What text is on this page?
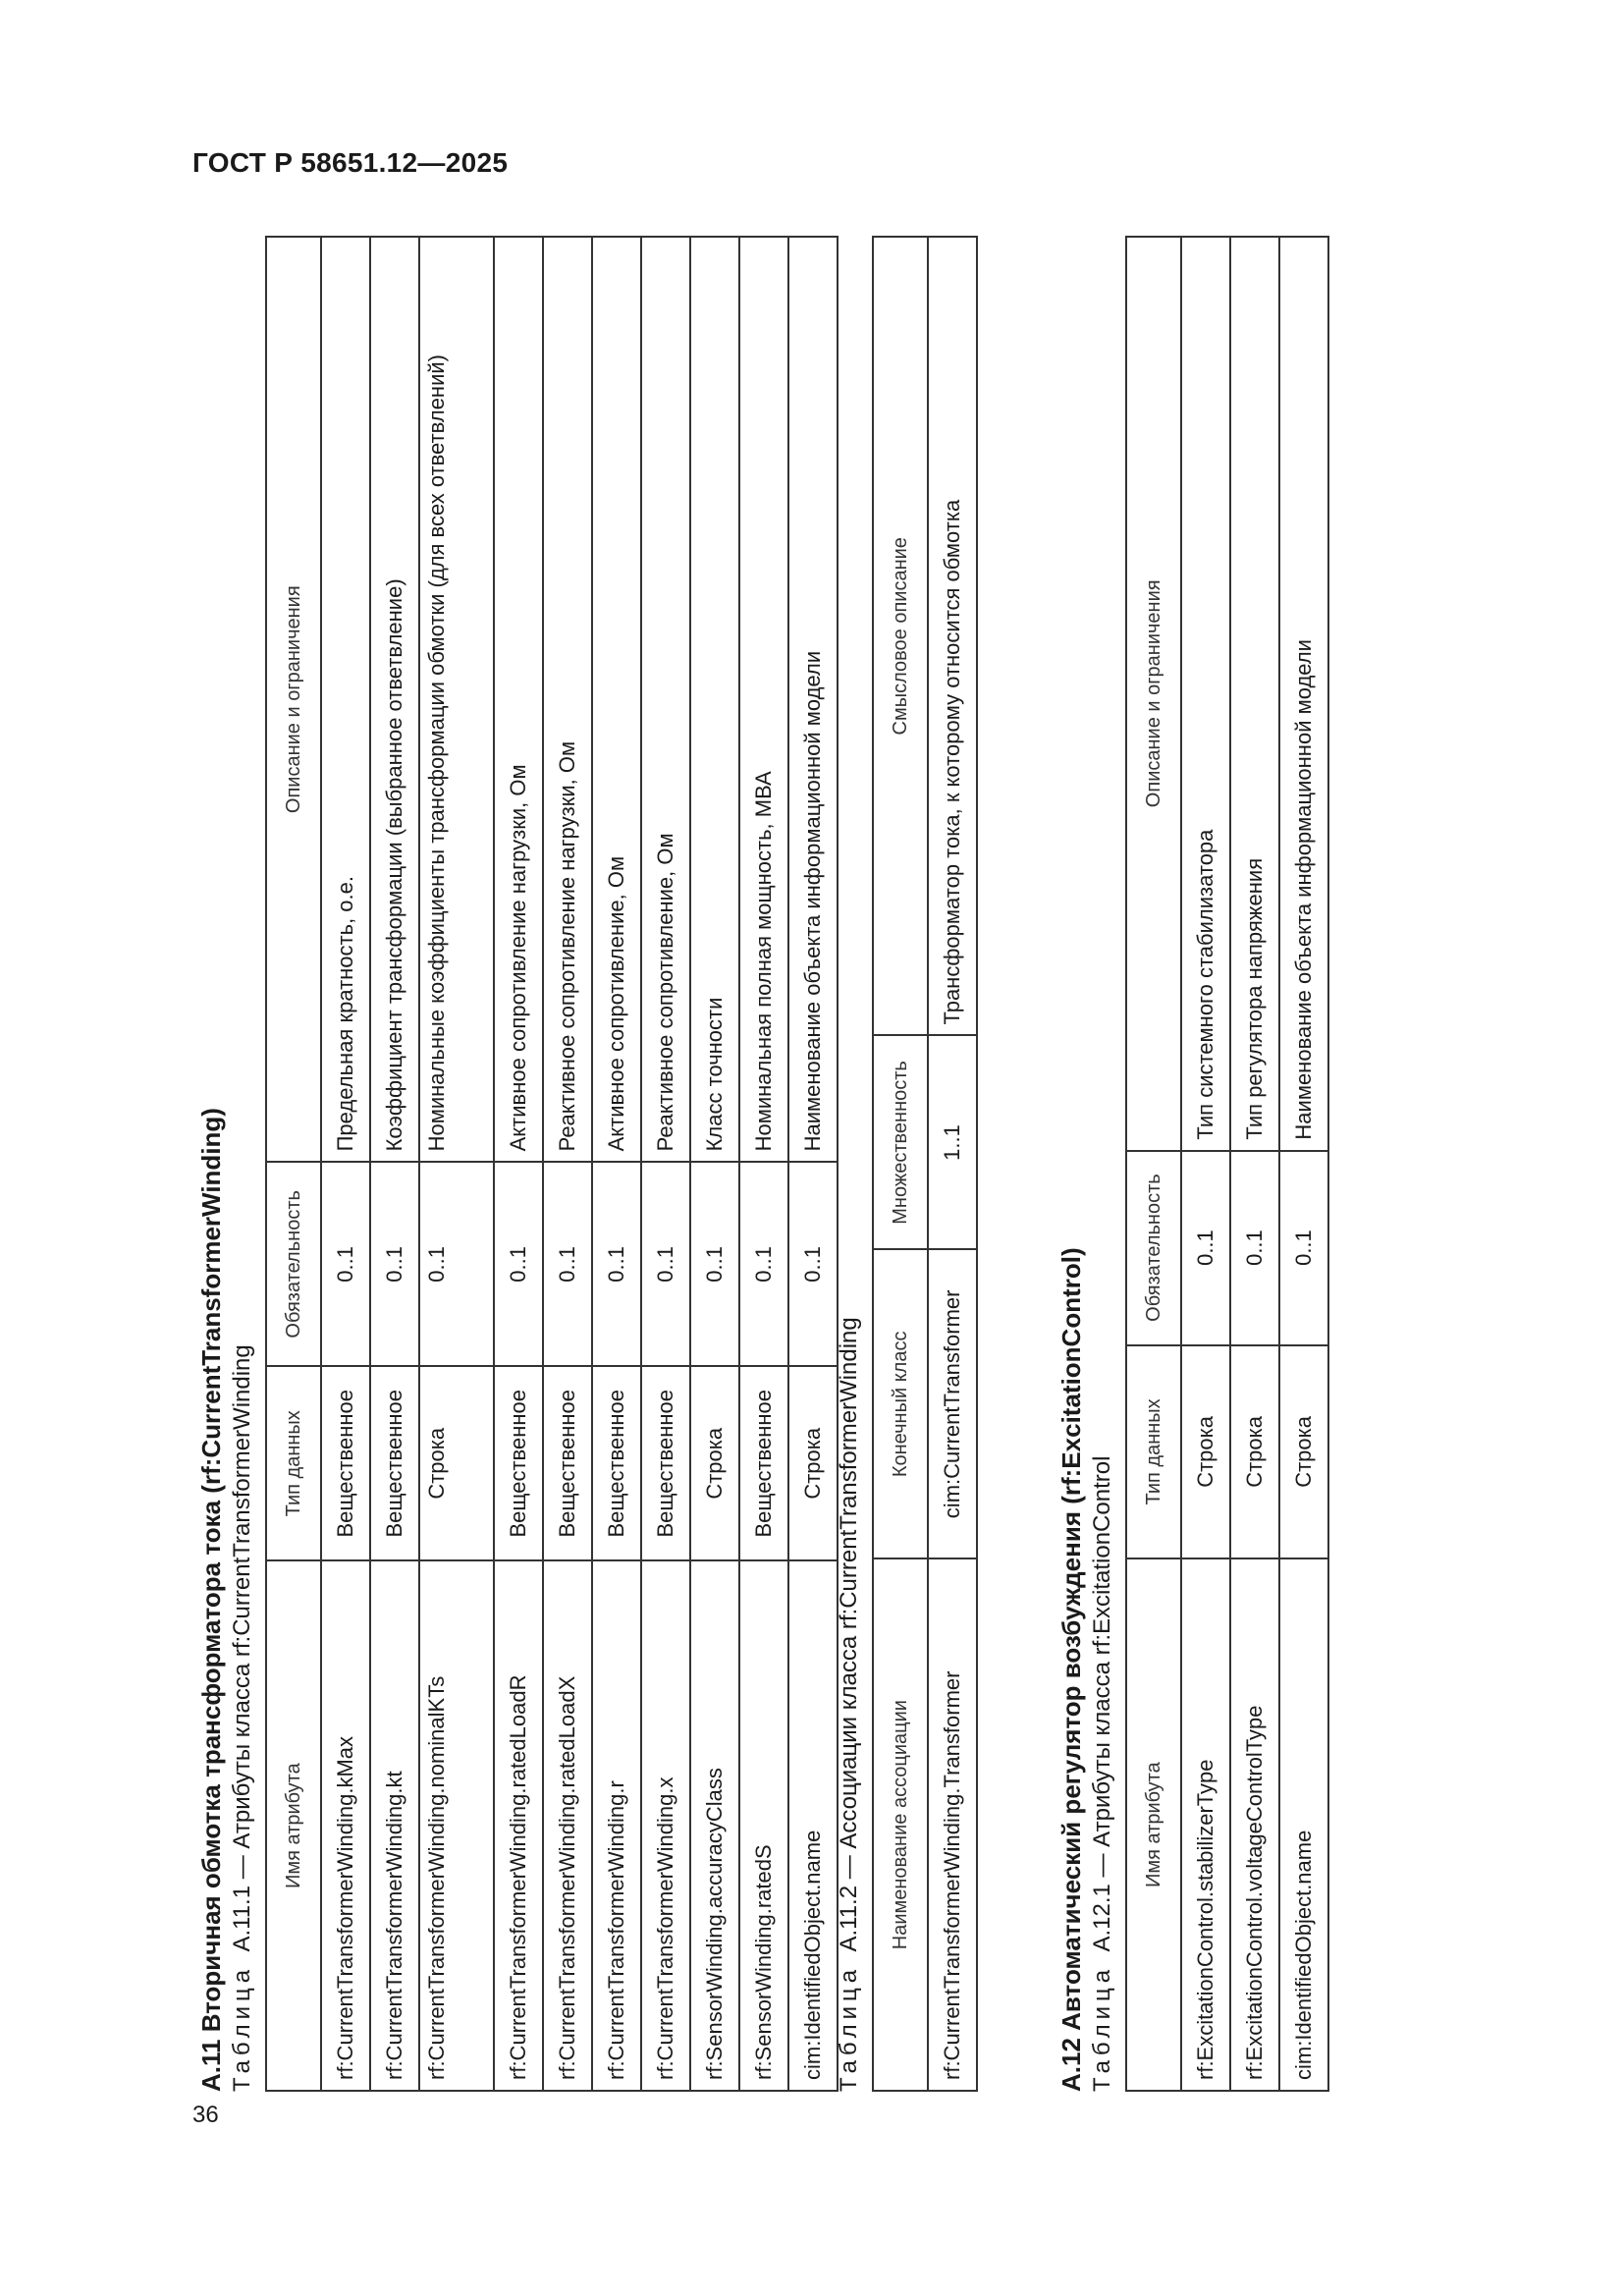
ГОСТ Р 58651.12—2025
А.11 Вторичная обмотка трансформатора тока (rf:CurrentTransformerWinding) Таблица  А.11.1 — Атрибуты класса rf:CurrentTransformerWinding Имя атрибута	Тип данных	Обязательность	Описание и ограничения
rf:CurrentTransformerWinding.kMax	Вещественное	0..1	Предельная кратность, о.е.
rf:CurrentTransformerWinding.kt	Вещественное	0..1	Коэффициент трансформации (выбранное ответвление)
rf:CurrentTransformerWinding.nominalKTs	Строка	0..1	Номинальные коэффициенты трансформации обмотки (для всех ответвлений)
rf:CurrentTransformerWinding.ratedLoadR	Вещественное	0..1	Активное сопротивление нагрузки, Ом
rf:CurrentTransformerWinding.ratedLoadX	Вещественное	0..1	Реактивное сопротивление нагрузки, Ом
rf:CurrentTransformerWinding.r	Вещественное	0..1	Активное сопротивление, Ом
rf:CurrentTransformerWinding.x	Вещественное	0..1	Реактивное сопротивление, Ом
rf:SensorWinding.accuracyClass	Строка	0..1	Класс точности
rf:SensorWinding.ratedS	Вещественное	0..1	Номинальная полная мощность, МВА
cim:IdentifiedObject.name	Строка	0..1	Наименование объекта информационной модели
Таблица  А.11.2 — Ассоциации класса rf:CurrentTransformerWinding Наименование ассоциации	Конечный класс	Множественность	Смысловое описание
rf:CurrentTransformerWinding.Transformer	cim:CurrentTransformer	1..1	Трансформатор тока, к которому относится обмотка
А.12 Автоматический регулятор возбуждения (rf:ExcitationControl) Таблица  А.12.1 — Атрибуты класса rf:ExcitationControl Имя атрибута	Тип данных	Обязательность	Описание и ограничения
rf:ExcitationControl.stabilizerType	Строка	0..1	Тип системного стабилизатора
rf:ExcitationControl.voltageControlType	Строка	0..1	Тип регулятора напряжения
cim:IdentifiedObject.name	Строка	0..1	Наименование объекта информационной модели
36
